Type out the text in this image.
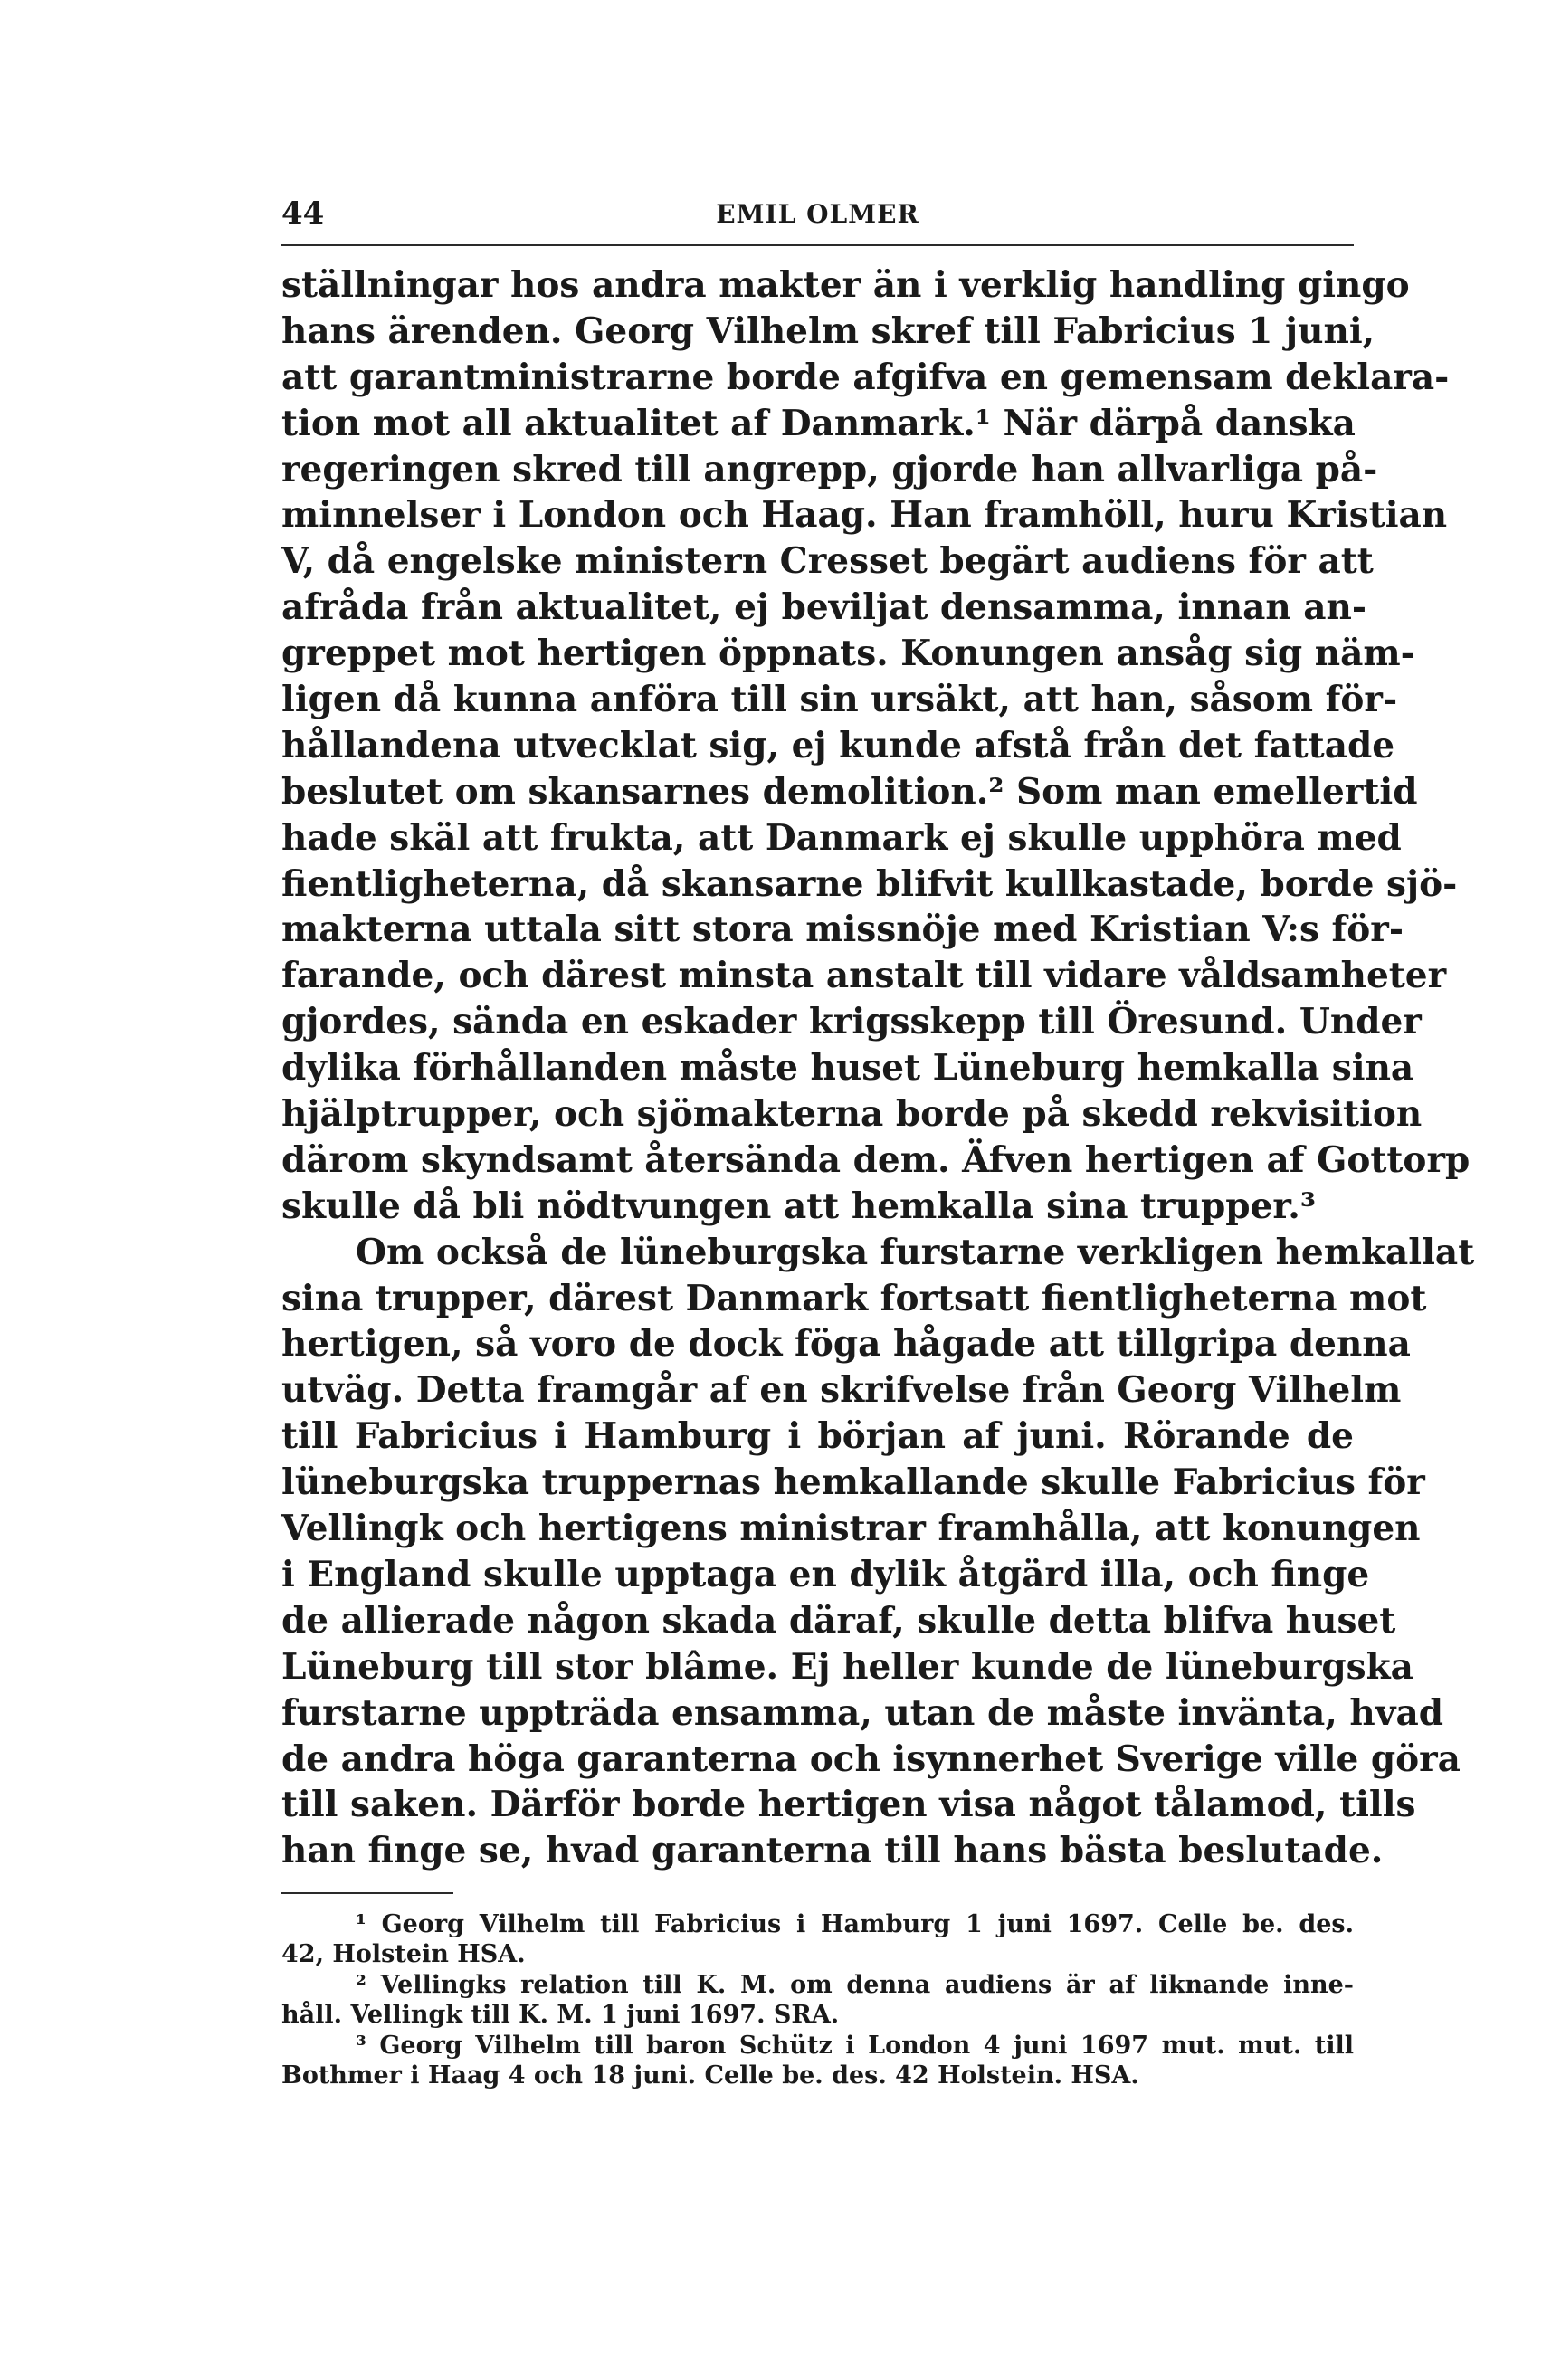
44	EMIL OLMER
ställningar hos andra makter än i verklig handling gingo
hans ärenden. Georg Vilhelm skref till Fabricius 1 juni,
att garantministrarne borde afgifva en gemensam deklara-
tion mot all aktualitet af Danmark.¹ När därpå danska
regeringen skred till angrepp, gjorde han allvarliga på-
minnelser i London och Haag. Han framhöll, huru Kristian
V, då engelske ministern Cresset begärt audiens för att
afråda från aktualitet, ej beviljat densamma, innan an-
greppet mot hertigen öppnats. Konungen ansåg sig näm-
ligen då kunna anföra till sin ursäkt, att han, såsom för-
hållandena utvecklat sig, ej kunde afstå från det fattade
beslutet om skansarnes demolition.² Som man emellertid
hade skäl att frukta, att Danmark ej skulle upphöra med
fientligheterna, då skansarne blifvit kullkastade, borde sjö-
makterna uttala sitt stora missnöje med Kristian V:s för-
farande, och därest minsta anstalt till vidare våldsamheter
gjordes, sända en eskader krigsskepp till Öresund. Under
dylika förhållanden måste huset Lüneburg hemkalla sina
hjälptrupper, och sjömakterna borde på skedd rekvisition
därom skyndsamt återsända dem. Äfven hertigen af Gottorp
skulle då bli nödtvungen att hemkalla sina trupper.³
Om också de lüneburgska furstarne verkligen hemkallat
sina trupper, därest Danmark fortsatt fientligheterna mot
hertigen, så voro de dock föga hågade att tillgripa denna
utväg. Detta framgår af en skrifvelse från Georg Vilhelm
till Fabricius i Hamburg i början af juni. Rörande de
lüneburgska truppernas hemkallande skulle Fabricius för
Vellingk och hertigens ministrar framhålla, att konungen
i England skulle upptaga en dylik åtgärd illa, och finge
de allierade någon skada däraf, skulle detta blifva huset
Lüneburg till stor blâme. Ej heller kunde de lüneburgska
furstarne uppträda ensamma, utan de måste invänta, hvad
de andra höga garanterna och isynnerhet Sverige ville göra
till saken. Därför borde hertigen visa något tålamod, tills
han finge se, hvad garanterna till hans bästa beslutade.
¹ Georg Vilhelm till Fabricius i Hamburg 1 juni 1697. Celle be. des.
42, Holstein HSA.
² Vellingks relation till K. M. om denna audiens är af liknande inne-
håll. Vellingk till K. M. 1 juni 1697. SRA.
³ Georg Vilhelm till baron Schütz i London 4 juni 1697 mut. mut. till
Bothmer i Haag 4 och 18 juni. Celle be. des. 42 Holstein. HSA.
